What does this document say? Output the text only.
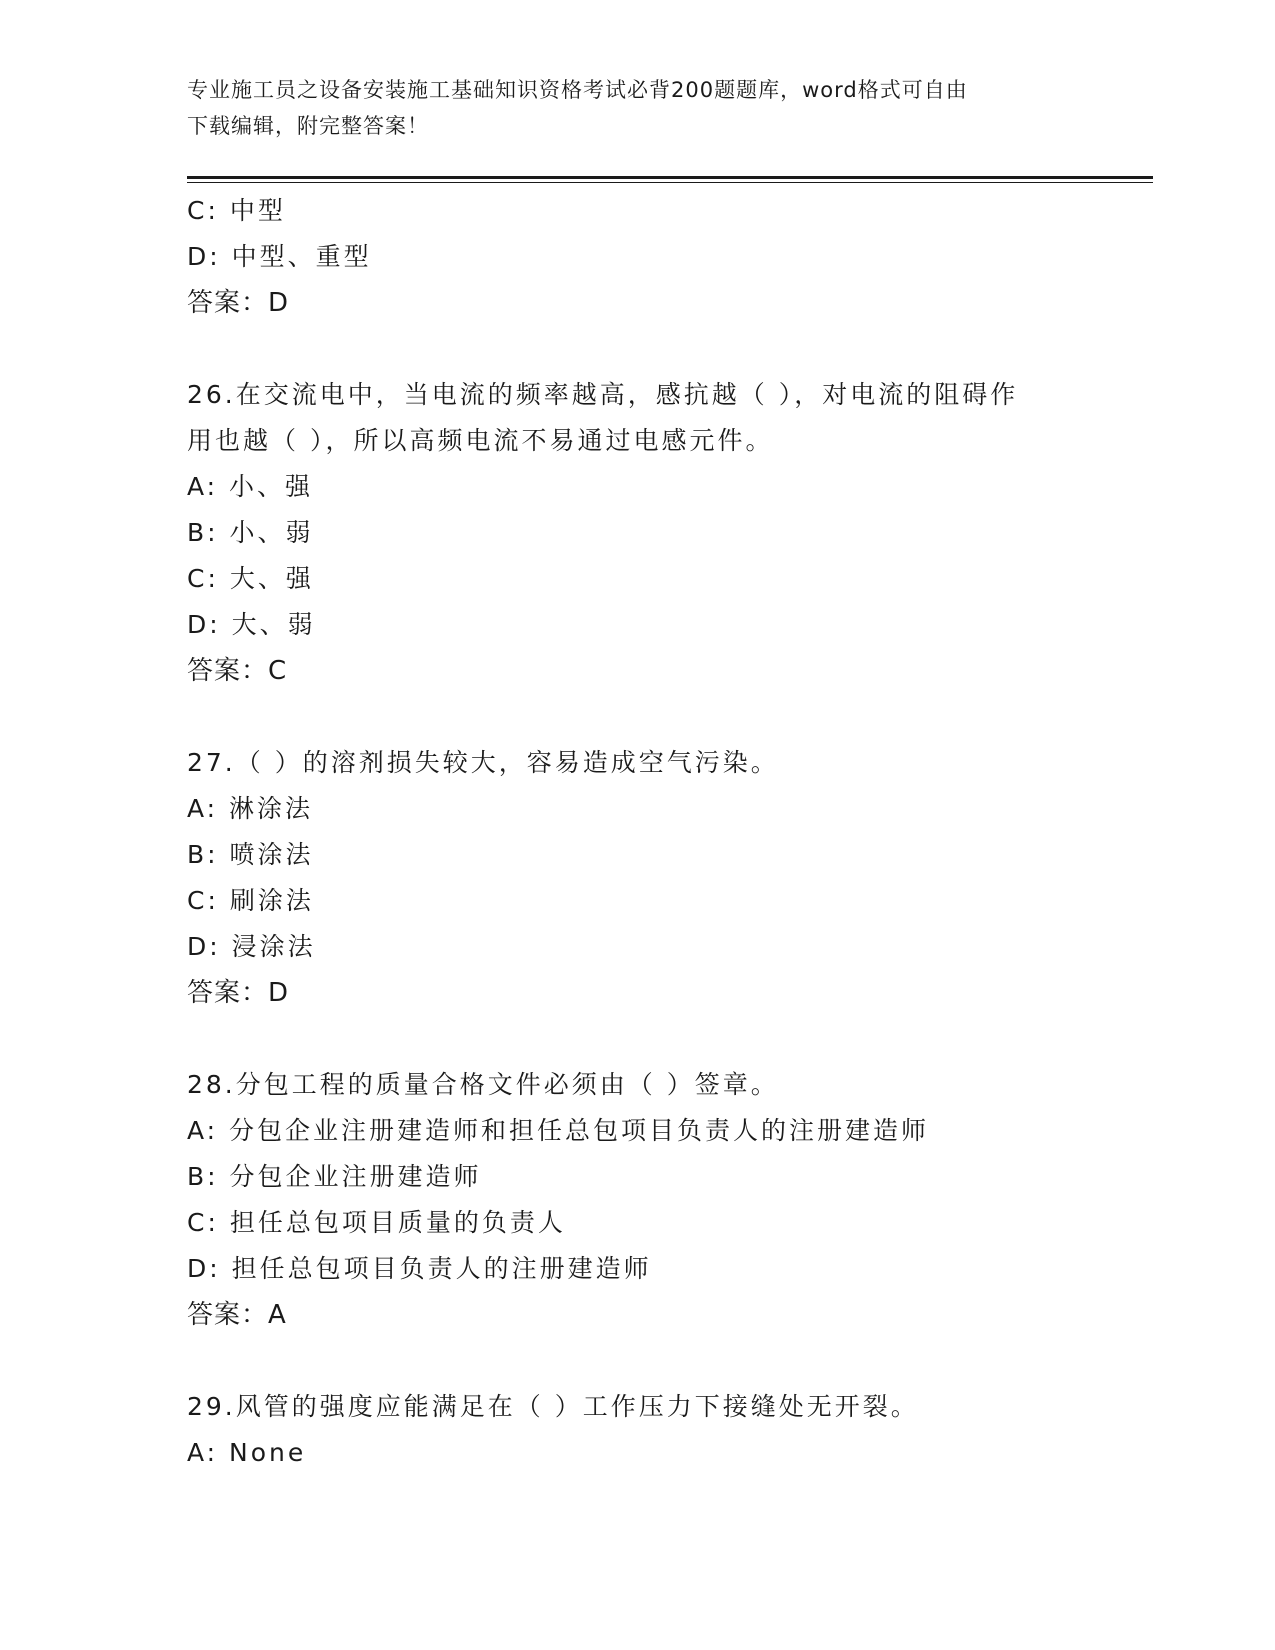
专业施工员之设备安装施工基础知识资格考试必背200题题库，word格式可自由
下载编辑，附完整答案！
C: 中型
D: 中型、重型
答案：D
26.在交流电中，当电流的频率越高，感抗越（ ），对电流的阻碍作
用也越（ ），所以高频电流不易通过电感元件。
A: 小、强
B: 小、弱
C: 大、强
D: 大、弱
答案：C
27.（ ）的溶剂损失较大，容易造成空气污染。
A: 淋涂法
B: 喷涂法
C: 刷涂法
D: 浸涂法
答案：D
28.分包工程的质量合格文件必须由（ ）签章。
A: 分包企业注册建造师和担任总包项目负责人的注册建造师
B: 分包企业注册建造师
C: 担任总包项目质量的负责人
D: 担任总包项目负责人的注册建造师
答案：A
29.风管的强度应能满足在（ ）工作压力下接缝处无开裂。
A: None
